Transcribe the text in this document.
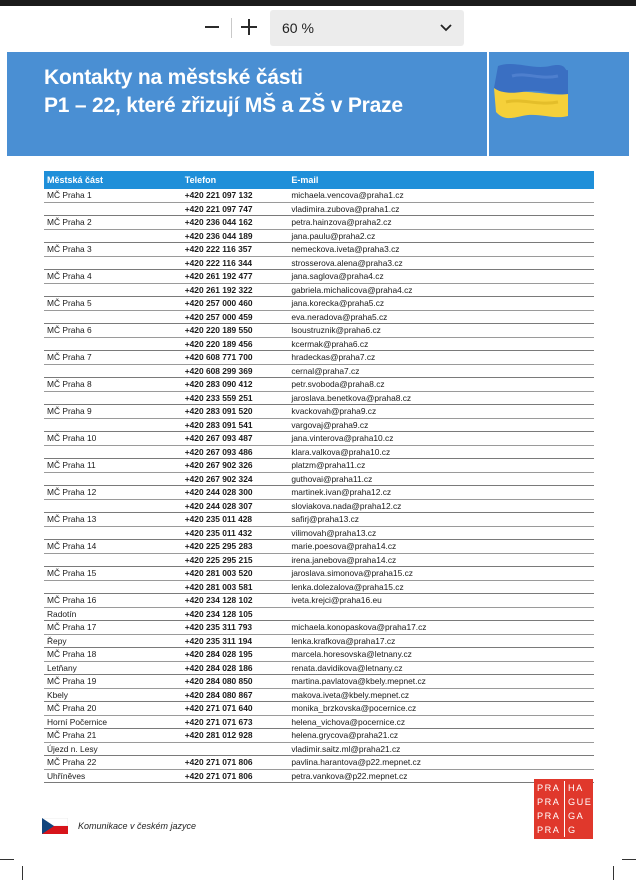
60 %
Kontakty na městské části
P1 – 22, které zřizují MŠ a ZŠ v Praze
Městská část	Telefon	E-mail
MČ Praha 1	+420 221 097 132	michaela.vencova@praha1.cz
	+420 221 097 747	vladimira.zubova@praha1.cz
MČ Praha 2	+420 236 044 162	petra.hainzova@praha2.cz
	+420 236 044 189	jana.paulu@praha2.cz
MČ Praha 3	+420 222 116 357	nemeckova.iveta@praha3.cz
	+420 222 116 344	strosserova.alena@praha3.cz
MČ Praha 4	+420 261 192 477	jana.saglova@praha4.cz
	+420 261 192 322	gabriela.michalicova@praha4.cz
MČ Praha 5	+420 257 000 460	jana.korecka@praha5.cz
	+420 257 000 459	eva.neradova@praha5.cz
MČ Praha 6	+420 220 189 550	lsoustruznik@praha6.cz
	+420 220 189 456	kcermak@praha6.cz
MČ Praha 7	+420 608 771 700	hradeckas@praha7.cz
	+420 608 299 369	cernal@praha7.cz
MČ Praha 8	+420 283 090 412	petr.svoboda@praha8.cz
	+420 233 559 251	jaroslava.benetkova@praha8.cz
MČ Praha 9	+420 283 091 520	kvackovah@praha9.cz
	+420 283 091 541	vargovaj@praha9.cz
MČ Praha 10	+420 267 093 487	jana.vinterova@praha10.cz
	+420 267 093 486	klara.valkova@praha10.cz
MČ Praha 11	+420 267 902 326	platzm@praha11.cz
	+420 267 902 324	guthovai@praha11.cz
MČ Praha 12	+420 244 028 300	martinek.ivan@praha12.cz
	+420 244 028 307	sloviakova.nada@praha12.cz
MČ Praha 13	+420 235 011 428	safirj@praha13.cz
	+420 235 011 432	vilimovah@praha13.cz
MČ Praha 14	+420 225 295 283	marie.poesova@praha14.cz
	+420 225 295 215	irena.janebova@praha14.cz
MČ Praha 15	+420 281 003 520	jaroslava.simonova@praha15.cz
	+420 281 003 581	lenka.dolezalova@praha15.cz
MČ Praha 16	+420 234 128 102	iveta.krejci@praha16.eu
Radotín	+420 234 128 105	
MČ Praha 17	+420 235 311 793	michaela.konopaskova@praha17.cz
Řepy	+420 235 311 194	lenka.krafkova@praha17.cz
MČ Praha 18	+420 284 028 195	marcela.horesovska@letnany.cz
Letňany	+420 284 028 186	renata.davidikova@letnany.cz
MČ Praha 19	+420 284 080 850	martina.pavlatova@kbely.mepnet.cz
Kbely	+420 284 080 867	makova.iveta@kbely.mepnet.cz
MČ Praha 20	+420 271 071 640	monika_brzkovska@pocernice.cz
Horní Počernice	+420 271 071 673	helena_vichova@pocernice.cz
MČ Praha 21	+420 281 012 928	helena.grycova@praha21.cz
Újezd n. Lesy		vladimir.saitz.ml@praha21.cz
MČ Praha 22	+420 271 071 806	pavlina.harantova@p22.mepnet.cz
Uhříněves	+420 271 071 806	petra.vankova@p22.mepnet.cz
Komunikace v českém jazyce
PRA HA
PRA GUE
PRA GA
PRA G
